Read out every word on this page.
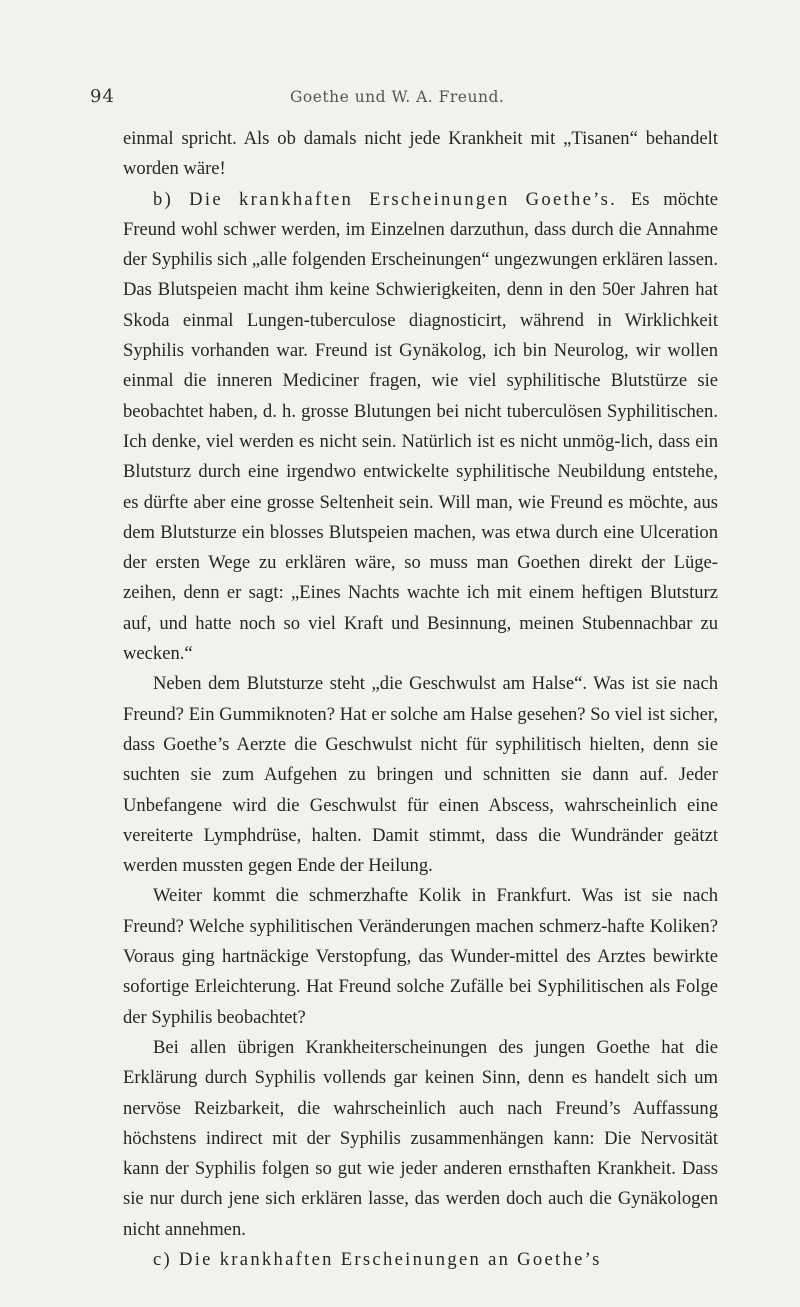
94	Goethe und W. A. Freund.

einmal spricht. Als ob damals nicht jede Krankheit mit „Tisanen“ behandelt worden wäre!

b) Die krankhaften Erscheinungen Goethe’s. Es möchte Freund wohl schwer werden, im Einzelnen darzuthun, dass durch die Annahme der Syphilis sich „alle folgenden Erscheinungen“ ungezwungen erklären lassen. Das Blutspeien macht ihm keine Schwierigkeiten, denn in den 50er Jahren hat Skoda einmal Lungen-tuberculose diagnosticirt, während in Wirklichkeit Syphilis vorhanden war. Freund ist Gynäkolog, ich bin Neurolog, wir wollen einmal die inneren Mediciner fragen, wie viel syphilitische Blutstürze sie beobachtet haben, d. h. grosse Blutungen bei nicht tuberculösen Syphilitischen. Ich denke, viel werden es nicht sein. Natürlich ist es nicht unmög-lich, dass ein Blutsturz durch eine irgendwo entwickelte syphilitische Neubildung entstehe, es dürfte aber eine grosse Seltenheit sein. Will man, wie Freund es möchte, aus dem Blutsturze ein blosses Blutspeien machen, was etwa durch eine Ulceration der ersten Wege zu erklären wäre, so muss man Goethen direkt der Lüge-zeihen, denn er sagt: „Eines Nachts wachte ich mit einem heftigen Blutsturz auf, und hatte noch so viel Kraft und Besinnung, meinen Stubennachbar zu wecken.“

Neben dem Blutsturze steht „die Geschwulst am Halse“. Was ist sie nach Freund? Ein Gummiknoten? Hat er solche am Halse gesehen? So viel ist sicher, dass Goethe’s Aerzte die Geschwulst nicht für syphilitisch hielten, denn sie suchten sie zum Aufgehen zu bringen und schnitten sie dann auf. Jeder Unbefangene wird die Geschwulst für einen Abscess, wahrscheinlich eine vereiterte Lymphdrüse, halten. Damit stimmt, dass die Wundränder geätzt werden mussten gegen Ende der Heilung.

Weiter kommt die schmerzhafte Kolik in Frankfurt. Was ist sie nach Freund? Welche syphilitischen Veränderungen machen schmerz-hafte Koliken? Voraus ging hartnäckige Verstopfung, das Wunder-mittel des Arztes bewirkte sofortige Erleichterung. Hat Freund solche Zufälle bei Syphilitischen als Folge der Syphilis beobachtet?

Bei allen übrigen Krankheiterscheinungen des jungen Goethe hat die Erklärung durch Syphilis vollends gar keinen Sinn, denn es handelt sich um nervöse Reizbarkeit, die wahrscheinlich auch nach Freund’s Auffassung höchstens indirect mit der Syphilis zusammenhängen kann: Die Nervosität kann der Syphilis folgen so gut wie jeder anderen ernsthaften Krankheit. Dass sie nur durch jene sich erklären lasse, das werden doch auch die Gynäkologen nicht annehmen.

c) Die krankhaften Erscheinungen an Goethe’s
